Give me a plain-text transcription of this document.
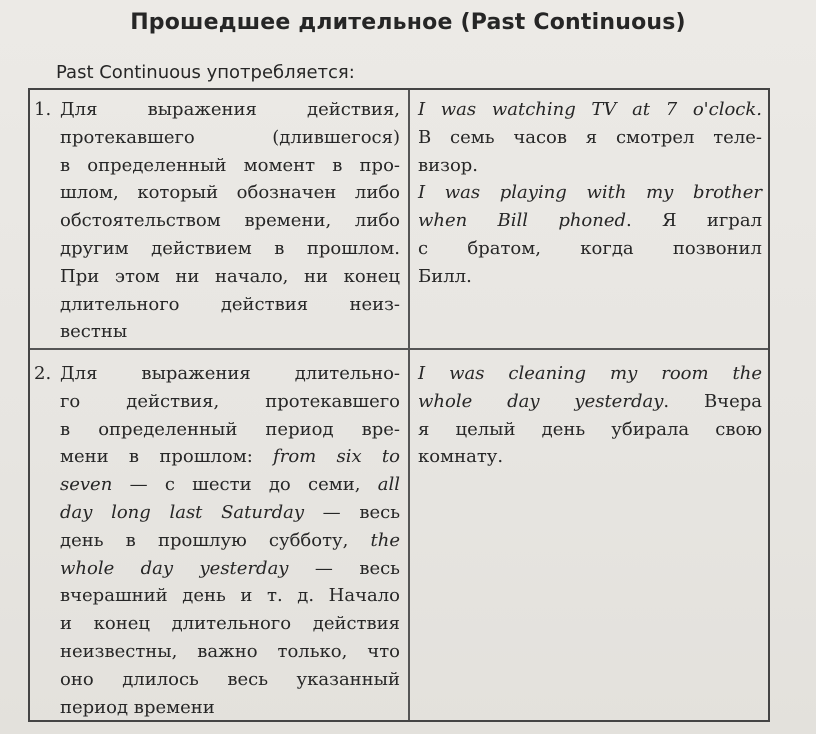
Прошедшее длительное (Past Continuous)
Past Continuous употребляется:
1. Для выражения действия,
протекавшего (длившегося)
в определенный момент в про-
шлом, который обозначен либо
обстоятельством времени, либо
другим действием в прошлом.
При этом ни начало, ни конец
длительного действия неиз-
вестны
I was watching TV at 7 o'clock.
В семь часов я смотрел теле-
визор.
I was playing with my brother
when Bill phoned. Я играл
с братом, когда позвонил
Билл.
2. Для выражения длительно-
го действия, протекавшего
в определенный период вре-
мени в прошлом: from six to
seven — с шести до семи, all
day long last Saturday — весь
день в прошлую субботу, the
whole day yesterday — весь
вчерашний день и т. д. Начало
и конец длительного действия
неизвестны, важно только, что
оно длилось весь указанный
период времени
I was cleaning my room the
whole day yesterday. Вчера
я целый день убирала свою
комнату.
